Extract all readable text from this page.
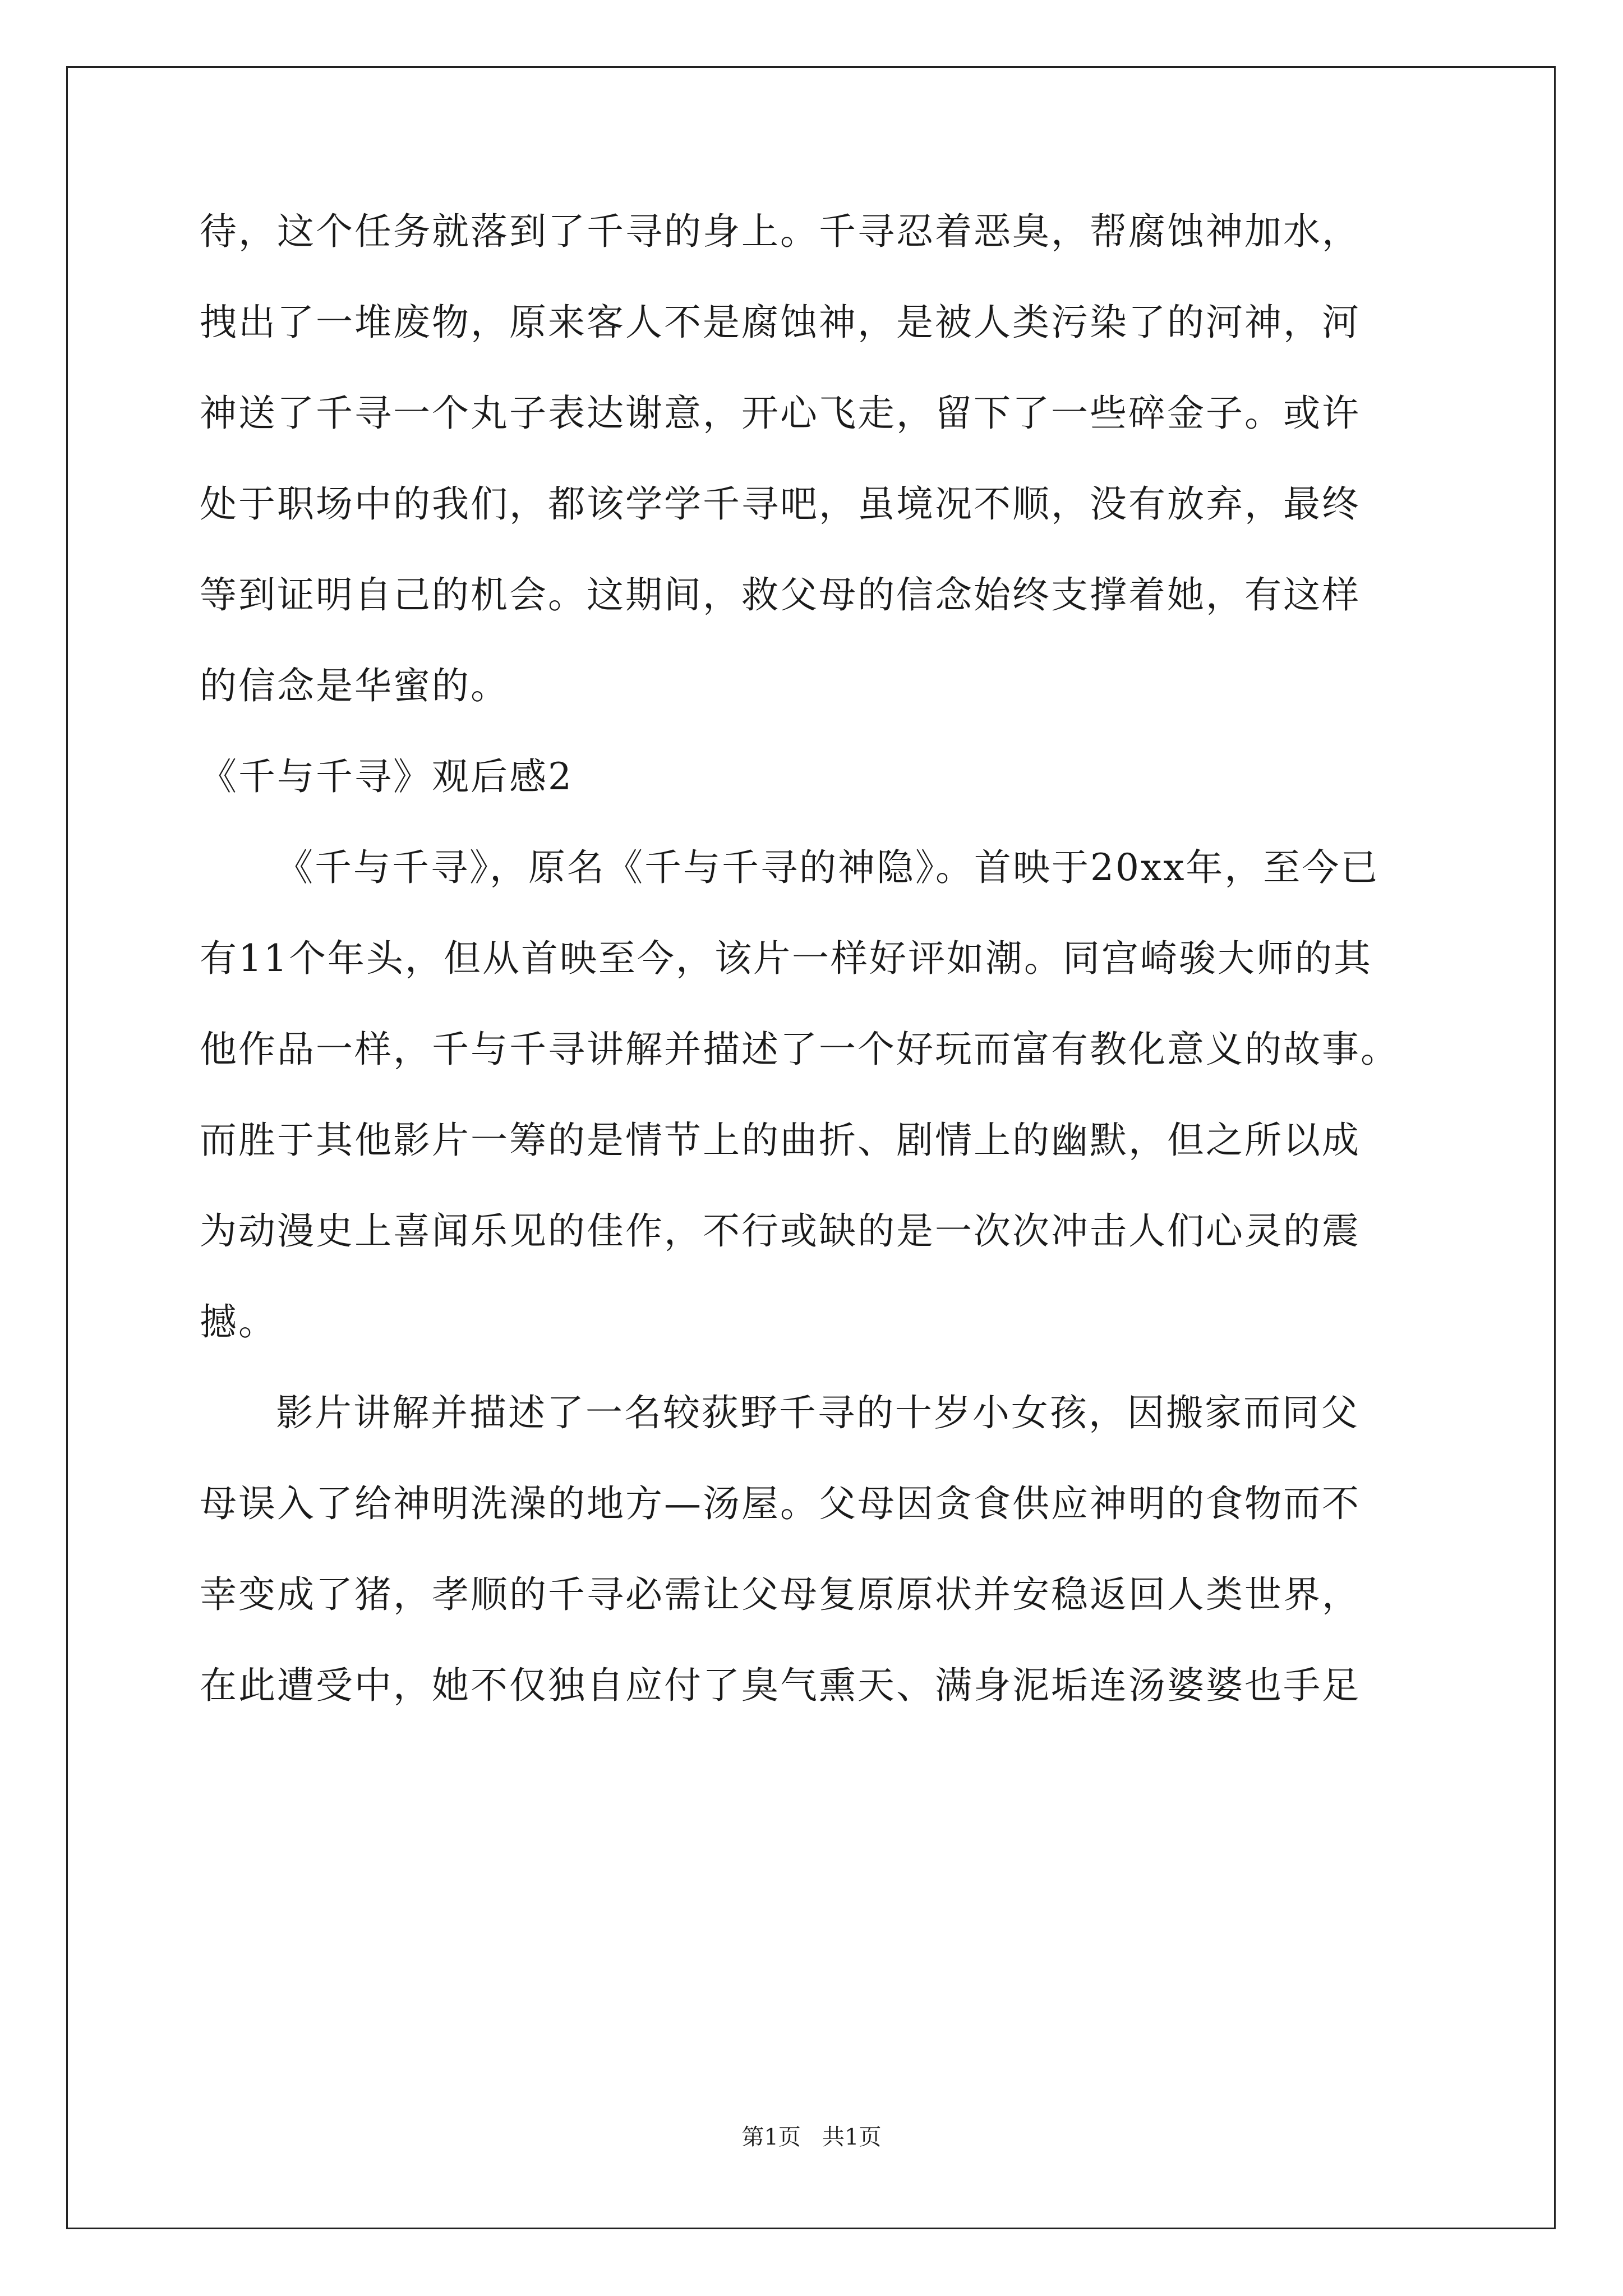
待，这个任务就落到了千寻的身上。千寻忍着恶臭，帮腐蚀神加水，
拽出了一堆废物，原来客人不是腐蚀神，是被人类污染了的河神，河
神送了千寻一个丸子表达谢意，开心飞走，留下了一些碎金子。或许
处于职场中的我们，都该学学千寻吧，虽境况不顺，没有放弃，最终
等到证明自己的机会。这期间，救父母的信念始终支撑着她，有这样
的信念是华蜜的。
《千与千寻》观后感2
《千与千寻》，原名《千与千寻的神隐》。首映于20xx年，至今已
有11个年头，但从首映至今，该片一样好评如潮。同宫崎骏大师的其
他作品一样，千与千寻讲解并描述了一个好玩而富有教化意义的故事。
而胜于其他影片一筹的是情节上的曲折、剧情上的幽默，但之所以成
为动漫史上喜闻乐见的佳作，不行或缺的是一次次冲击人们心灵的震
撼。
影片讲解并描述了一名较荻野千寻的十岁小女孩，因搬家而同父
母误入了给神明洗澡的地方—汤屋。父母因贪食供应神明的食物而不
幸变成了猪，孝顺的千寻必需让父母复原原状并安稳返回人类世界，
在此遭受中，她不仅独自应付了臭气熏天、满身泥垢连汤婆婆也手足
第1页   共1页
